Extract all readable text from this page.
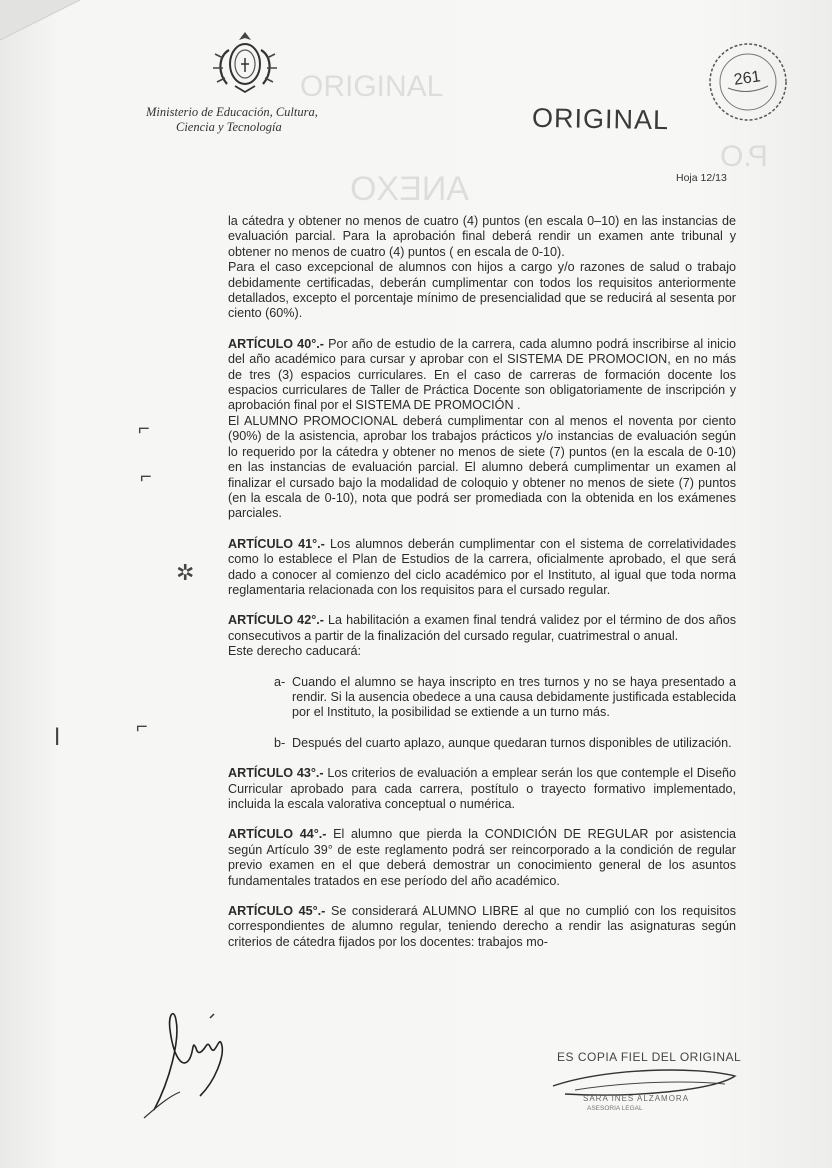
ORIGINAL
ANEXO
P.O
Ministerio de Educación, Cultura,
Ciencia y Tecnología	ORIGINAL
261
Hoja 12/13
⌐
⌐
✲
⌐
ǀ

la cátedra y obtener no menos de cuatro (4) puntos (en escala 0–10) en las instancias de evaluación parcial. Para la aprobación final deberá rendir un examen ante tribunal y obtener no menos de cuatro (4) puntos ( en escala de 0-10).

Para el caso excepcional de alumnos con hijos a cargo y/o razones de salud o trabajo debidamente certificadas, deberán cumplimentar con todos los requisitos anteriormente detallados, excepto el porcentaje mínimo de presencialidad que se reducirá al sesenta por ciento (60%).

ARTÍCULO 40°.- Por año de estudio de la carrera, cada alumno podrá inscribirse al inicio del año académico para cursar y aprobar con el SISTEMA DE PROMOCION, en no más de tres (3) espacios curriculares. En el caso de carreras de formación docente los espacios curriculares de Taller de Práctica Docente son obligatoriamente de inscripción y aprobación final por el SISTEMA DE PROMOCIÓN .

El ALUMNO PROMOCIONAL deberá cumplimentar con al menos el noventa por ciento (90%) de la asistencia, aprobar los trabajos prácticos y/o instancias de evaluación según lo requerido por la cátedra y obtener no menos de siete (7) puntos (en la escala de 0-10) en las instancias de evaluación parcial. El alumno deberá cumplimentar un examen al finalizar el cursado bajo la modalidad de coloquio y obtener no menos de siete (7) puntos (en la escala de 0-10), nota que podrá ser promediada con la obtenida en los exámenes parciales.

ARTÍCULO 41°.- Los alumnos deberán cumplimentar con el sistema de correlatividades como lo establece el Plan de Estudios de la carrera, oficialmente aprobado, el que será dado a conocer al comienzo del ciclo académico por el Instituto, al igual que toda norma reglamentaria relacionada con los requisitos para el cursado regular.

ARTÍCULO 42°.- La habilitación a examen final tendrá validez por el término de dos años consecutivos a partir de la finalización del cursado regular, cuatrimestral o anual.

Este derecho caducará:

a- Cuando el alumno se haya inscripto en tres turnos y no se haya presentado a rendir. Si la ausencia obedece a una causa debidamente justificada establecida por el Instituto, la posibilidad se extiende a un turno más.
b- Después del cuarto aplazo, aunque quedaran turnos disponibles de utilización.

ARTÍCULO 43°.- Los criterios de evaluación a emplear serán los que contemple el Diseño Curricular aprobado para cada carrera, postítulo o trayecto formativo implementado, incluida la escala valorativa conceptual o numérica.

ARTÍCULO 44°.- El alumno que pierda la CONDICIÓN DE REGULAR por asistencia según Artículo 39° de este reglamento podrá ser reincorporado a la condición de regular previo examen en el que deberá demostrar un conocimiento general de los asuntos fundamentales tratados en ese período del año académico.

ARTÍCULO 45°.- Se considerará ALUMNO LIBRE al que no cumplió con los requisitos correspondientes de alumno regular, teniendo derecho a rendir las asignaturas según criterios de cátedra fijados por los docentes: trabajos mo-

ES COPIA FIEL DEL ORIGINAL
SARA INES ALZAMORA
ASESORIA LEGAL
